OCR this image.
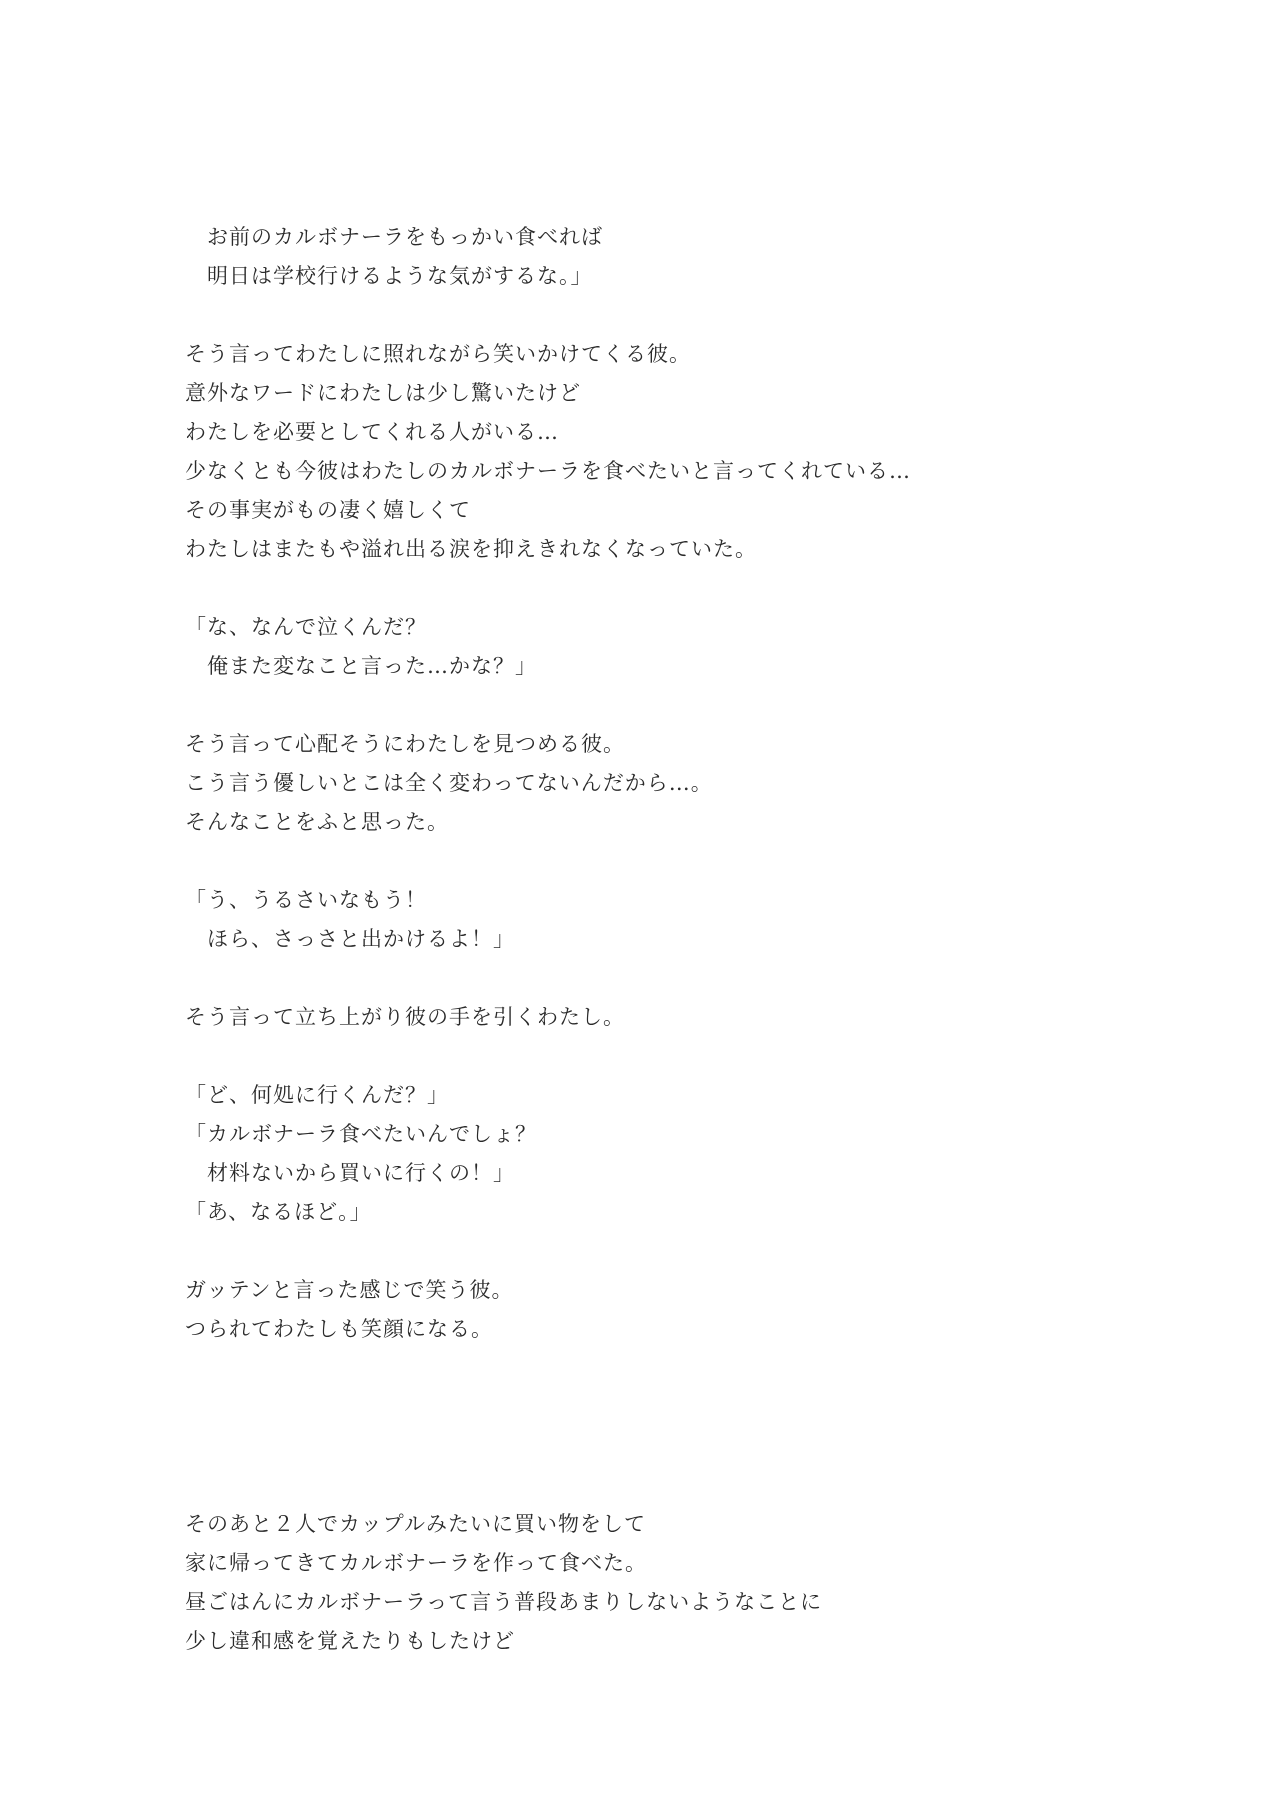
　お前のカルボナーラをもっかい食べれば
　明日は学校行けるような気がするな。」
そう言ってわたしに照れながら笑いかけてくる彼。
意外なワードにわたしは少し驚いたけど
わたしを必要としてくれる人がいる…
少なくとも今彼はわたしのカルボナーラを食べたいと言ってくれている…
その事実がもの凄く嬉しくて
わたしはまたもや溢れ出る涙を抑えきれなくなっていた。
「な、なんで泣くんだ？
　俺また変なこと言った…かな？」
そう言って心配そうにわたしを見つめる彼。
こう言う優しいとこは全く変わってないんだから…。
そんなことをふと思った。
「う、うるさいなもう！
　ほら、さっさと出かけるよ！」
そう言って立ち上がり彼の手を引くわたし。
「ど、何処に行くんだ？」
「カルボナーラ食べたいんでしょ？
　材料ないから買いに行くの！」
「あ、なるほど。」
ガッテンと言った感じで笑う彼。
つられてわたしも笑顔になる。
そのあと２人でカップルみたいに買い物をして
家に帰ってきてカルボナーラを作って食べた。
昼ごはんにカルボナーラって言う普段あまりしないようなことに
少し違和感を覚えたりもしたけど
